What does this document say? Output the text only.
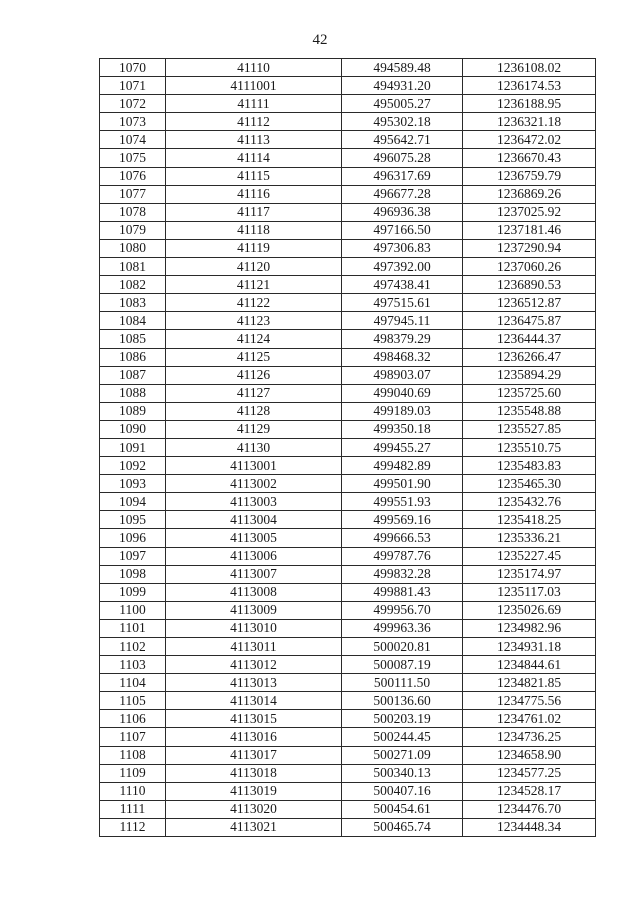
42
1070	41110	494589.48	1236108.02
1071	4111001	494931.20	1236174.53
1072	41111	495005.27	1236188.95
1073	41112	495302.18	1236321.18
1074	41113	495642.71	1236472.02
1075	41114	496075.28	1236670.43
1076	41115	496317.69	1236759.79
1077	41116	496677.28	1236869.26
1078	41117	496936.38	1237025.92
1079	41118	497166.50	1237181.46
1080	41119	497306.83	1237290.94
1081	41120	497392.00	1237060.26
1082	41121	497438.41	1236890.53
1083	41122	497515.61	1236512.87
1084	41123	497945.11	1236475.87
1085	41124	498379.29	1236444.37
1086	41125	498468.32	1236266.47
1087	41126	498903.07	1235894.29
1088	41127	499040.69	1235725.60
1089	41128	499189.03	1235548.88
1090	41129	499350.18	1235527.85
1091	41130	499455.27	1235510.75
1092	4113001	499482.89	1235483.83
1093	4113002	499501.90	1235465.30
1094	4113003	499551.93	1235432.76
1095	4113004	499569.16	1235418.25
1096	4113005	499666.53	1235336.21
1097	4113006	499787.76	1235227.45
1098	4113007	499832.28	1235174.97
1099	4113008	499881.43	1235117.03
1100	4113009	499956.70	1235026.69
1101	4113010	499963.36	1234982.96
1102	4113011	500020.81	1234931.18
1103	4113012	500087.19	1234844.61
1104	4113013	500111.50	1234821.85
1105	4113014	500136.60	1234775.56
1106	4113015	500203.19	1234761.02
1107	4113016	500244.45	1234736.25
1108	4113017	500271.09	1234658.90
1109	4113018	500340.13	1234577.25
1110	4113019	500407.16	1234528.17
1111	4113020	500454.61	1234476.70
1112	4113021	500465.74	1234448.34
